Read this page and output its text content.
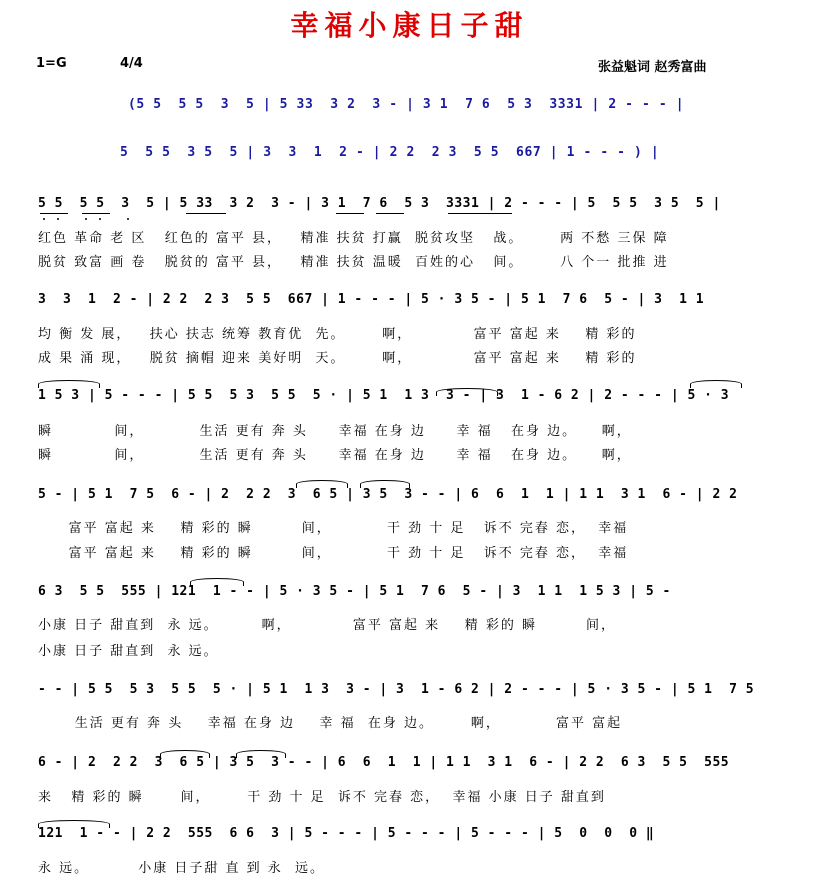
幸福小康日子甜
1=G	4/4	张益魁词 赵秀富曲
(5 5  5 5  3  5 | 5 33  3 2  3 - | 3 1  7 6  5 3  3331 | 2 - - - |
5  5 5  3 5  5 | 3  3  1  2 - | 2 2  2 3  5 5  667 | 1 - - - ) |
5 5  5 5  3  5 | 5 33  3 2  3 - | 3 1  7 6  5 3  3331 | 2 - - - | 5  5 5  3 5  5 |
红色 革命 老 区   红色的 富平 县，   精准 扶贫 打赢  脱贫攻坚   战。      两 不愁 三保 障
脱贫 致富 画 卷   脱贫的 富平 县，   精准 扶贫 温暖  百姓的心   间。      八 个一 批推 进
3  3  1  2 - | 2 2  2 3  5 5  667 | 1 - - - | 5 · 3 5 - | 5 1  7 6  5 - | 3  1 1
均 衡 发 展，   扶心 扶志 统筹 教育优  先。      啊，          富平 富起 来    精 彩的
成 果 涌 现，   脱贫 摘帽 迎来 美好明  天。      啊，          富平 富起 来    精 彩的
1 5 3 | 5 - - - | 5 5  5 3  5 5  5 · | 5 1  1 3  3 - | 3  1 - 6 2 | 2 - - - | 5 · 3
瞬          间，         生活 更有 奔 头     幸福 在身 边     幸 福   在身 边。    啊，
瞬          间，         生活 更有 奔 头     幸福 在身 边     幸 福   在身 边。    啊，
5 - | 5 1  7 5  6 - | 2  2 2  3  6 5 | 3 5  3 - - | 6  6  1  1 | 1 1  3 1  6 - | 2 2
富平 富起 来    精 彩的 瞬        间，         干 劲 十 足   诉不 完春 恋，  幸福
富平 富起 来    精 彩的 瞬        间，         干 劲 十 足   诉不 完春 恋，  幸福
6 3  5 5  555 | 121  1 - - | 5 · 3 5 - | 5 1  7 6  5 - | 3  1 1  1 5 3 | 5 -
小康 日子 甜直到  永 远。       啊，          富平 富起 来    精 彩的 瞬        间，
小康 日子 甜直到  永 远。
- - | 5 5  5 3  5 5  5 · | 5 1  1 3  3 - | 3  1 - 6 2 | 2 - - - | 5 · 3 5 - | 5 1  7 5
生活 更有 奔 头    幸福 在身 边    幸 福  在身 边。      啊，         富平 富起
6 - | 2  2 2  3  6 5 | 3 5  3 - - | 6  6  1  1 | 1 1  3 1  6 - | 2 2  6 3  5 5  555
来   精 彩的 瞬      间，      干 劲 十 足  诉不 完春 恋，  幸福 小康 日子 甜直到
121  1 - - | 2 2  555  6 6  3 | 5 - - - | 5 - - - | 5 - - - | 5  0  0  0 ‖
永 远。        小康 日子甜 直 到 永  远。
